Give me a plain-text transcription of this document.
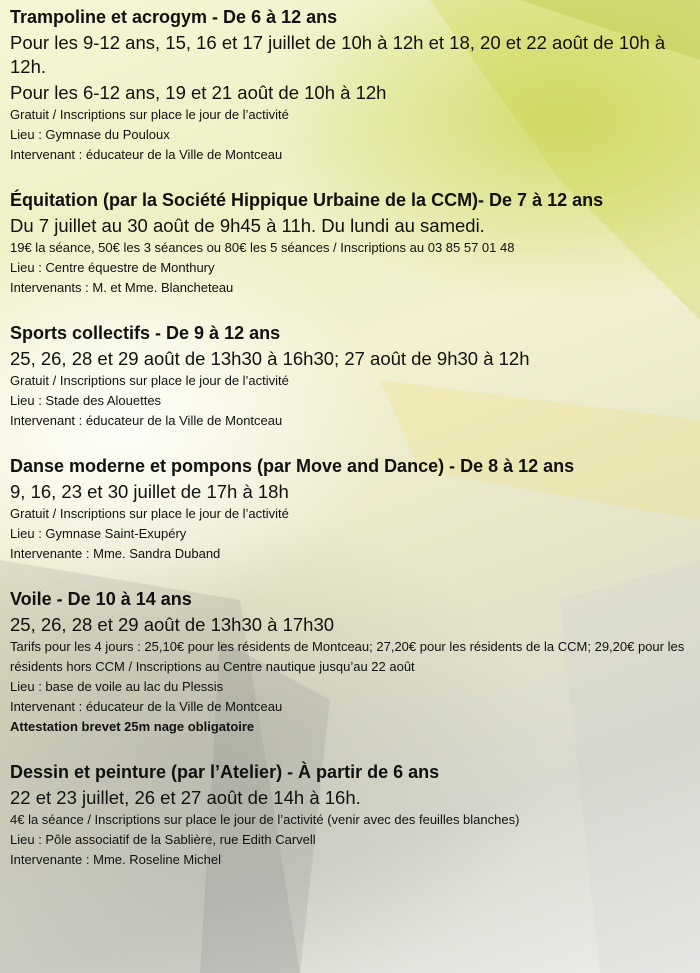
Trampoline et acrogym - De 6 à 12 ans
Pour les 9-12 ans, 15, 16 et 17 juillet de 10h à 12h et 18, 20 et 22 août de 10h à 12h.
Pour les 6-12 ans, 19 et 21 août de 10h à 12h
Gratuit / Inscriptions sur place le jour de l’activité
Lieu : Gymnase du Pouloux
Intervenant : éducateur de la Ville de Montceau
Équitation (par la Société Hippique Urbaine de la CCM)- De 7 à 12 ans
Du 7 juillet au 30 août de 9h45 à 11h. Du lundi au samedi.
19€ la séance, 50€ les 3 séances ou 80€ les 5 séances / Inscriptions au 03 85 57 01 48
Lieu : Centre équestre de Monthury
Intervenants : M. et Mme. Blancheteau
Sports collectifs - De 9 à 12 ans
25, 26, 28 et 29 août de 13h30 à 16h30; 27 août de 9h30 à 12h
Gratuit / Inscriptions sur place le jour de l’activité
Lieu : Stade des Alouettes
Intervenant : éducateur de la Ville de Montceau
Danse moderne et pompons (par Move and Dance) - De 8 à 12 ans
9, 16, 23 et 30 juillet de 17h à 18h
Gratuit / Inscriptions sur place le jour de l’activité
Lieu : Gymnase Saint-Exupéry
Intervenante : Mme. Sandra Duband
Voile - De 10 à 14 ans
25, 26, 28 et 29 août de 13h30 à 17h30
Tarifs pour les 4 jours : 25,10€ pour les résidents de Montceau; 27,20€ pour les résidents de la CCM; 29,20€ pour les résidents hors CCM / Inscriptions au Centre nautique jusqu’au 22 août
Lieu : base de voile au lac du Plessis
Intervenant : éducateur de la Ville de Montceau
Attestation brevet 25m nage obligatoire
Dessin et peinture (par l’Atelier) - À partir de 6 ans
22 et 23 juillet, 26 et 27 août de 14h à 16h.
4€ la séance / Inscriptions sur place le jour de l’activité (venir avec des feuilles blanches)
Lieu : Pôle associatif de la Sablière, rue Edith Carvell
Intervenante : Mme. Roseline Michel
